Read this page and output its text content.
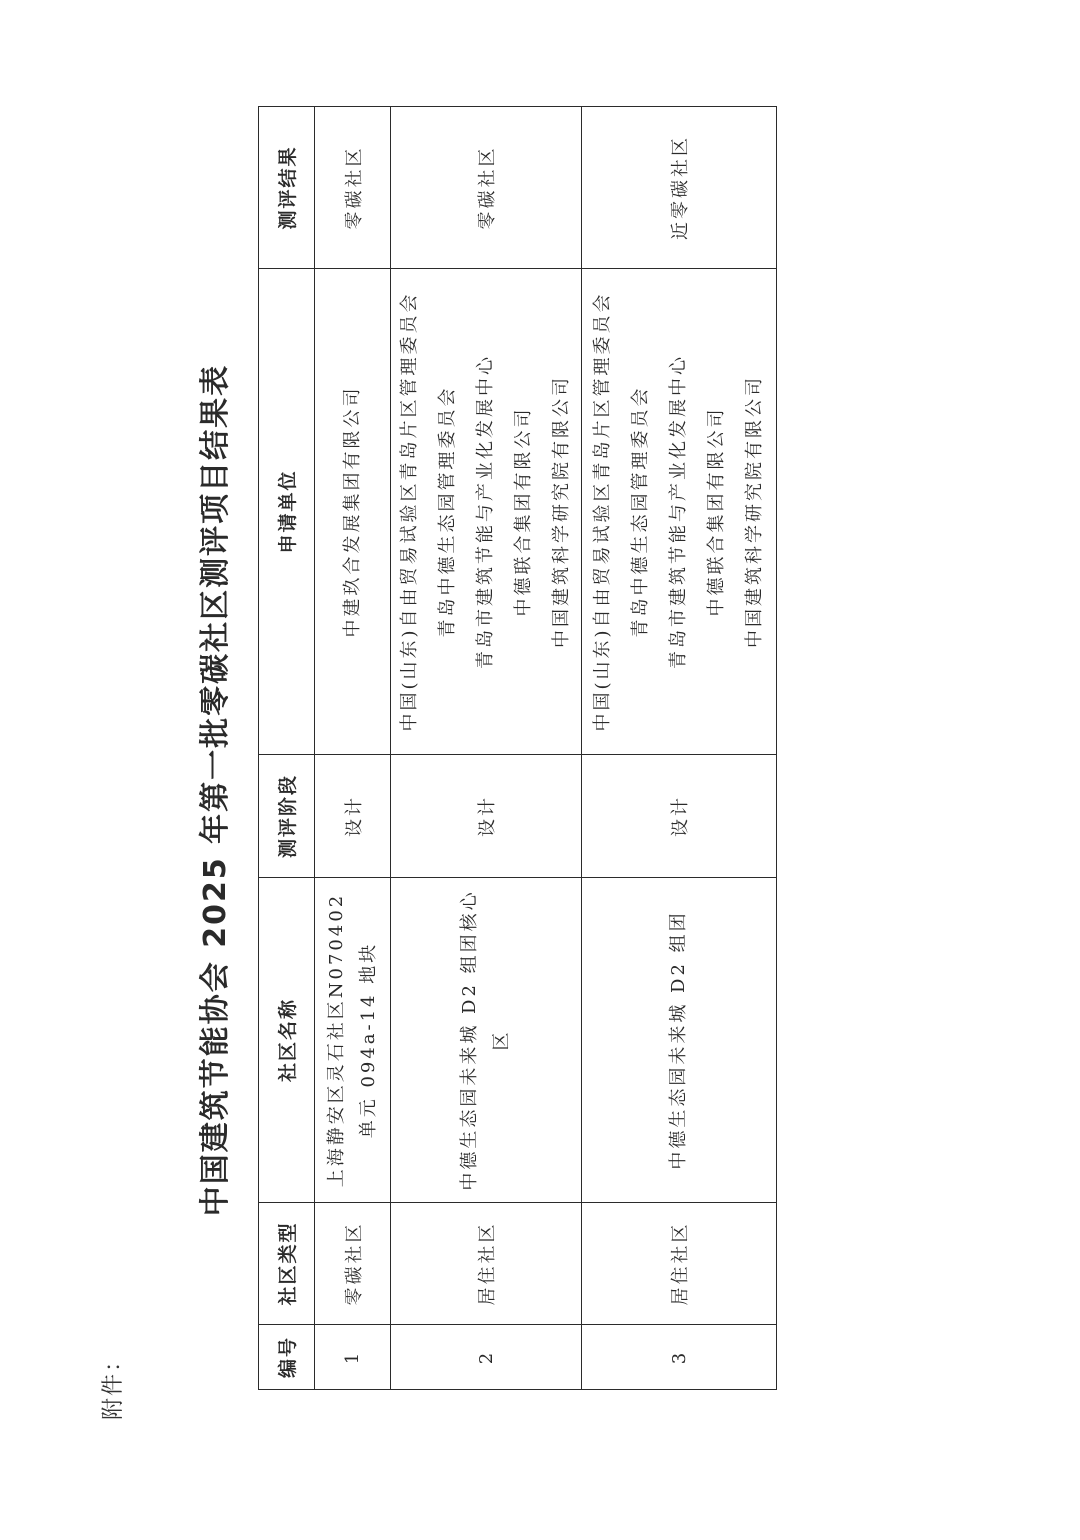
附件：
中国建筑节能协会 2025 年第一批零碳社区测评项目结果表
编号	社区类型	社区名称	测评阶段	申请单位	测评结果
1	零碳社区	上海静安区灵石社区N070402单元 094a-14 地块	设计	中建玖合发展集团有限公司	零碳社区
2	居住社区	中德生态园未来城 D2 组团核心区	设计	中国(山东)自由贸易试验区青岛片区管理委员会 青岛中德生态园管理委员会 青岛市建筑节能与产业化发展中心 中德联合集团有限公司 中国建筑科学研究院有限公司	零碳社区
3	居住社区	中德生态园未来城 D2 组团	设计	中国(山东)自由贸易试验区青岛片区管理委员会 青岛中德生态园管理委员会 青岛市建筑节能与产业化发展中心 中德联合集团有限公司 中国建筑科学研究院有限公司	近零碳社区
